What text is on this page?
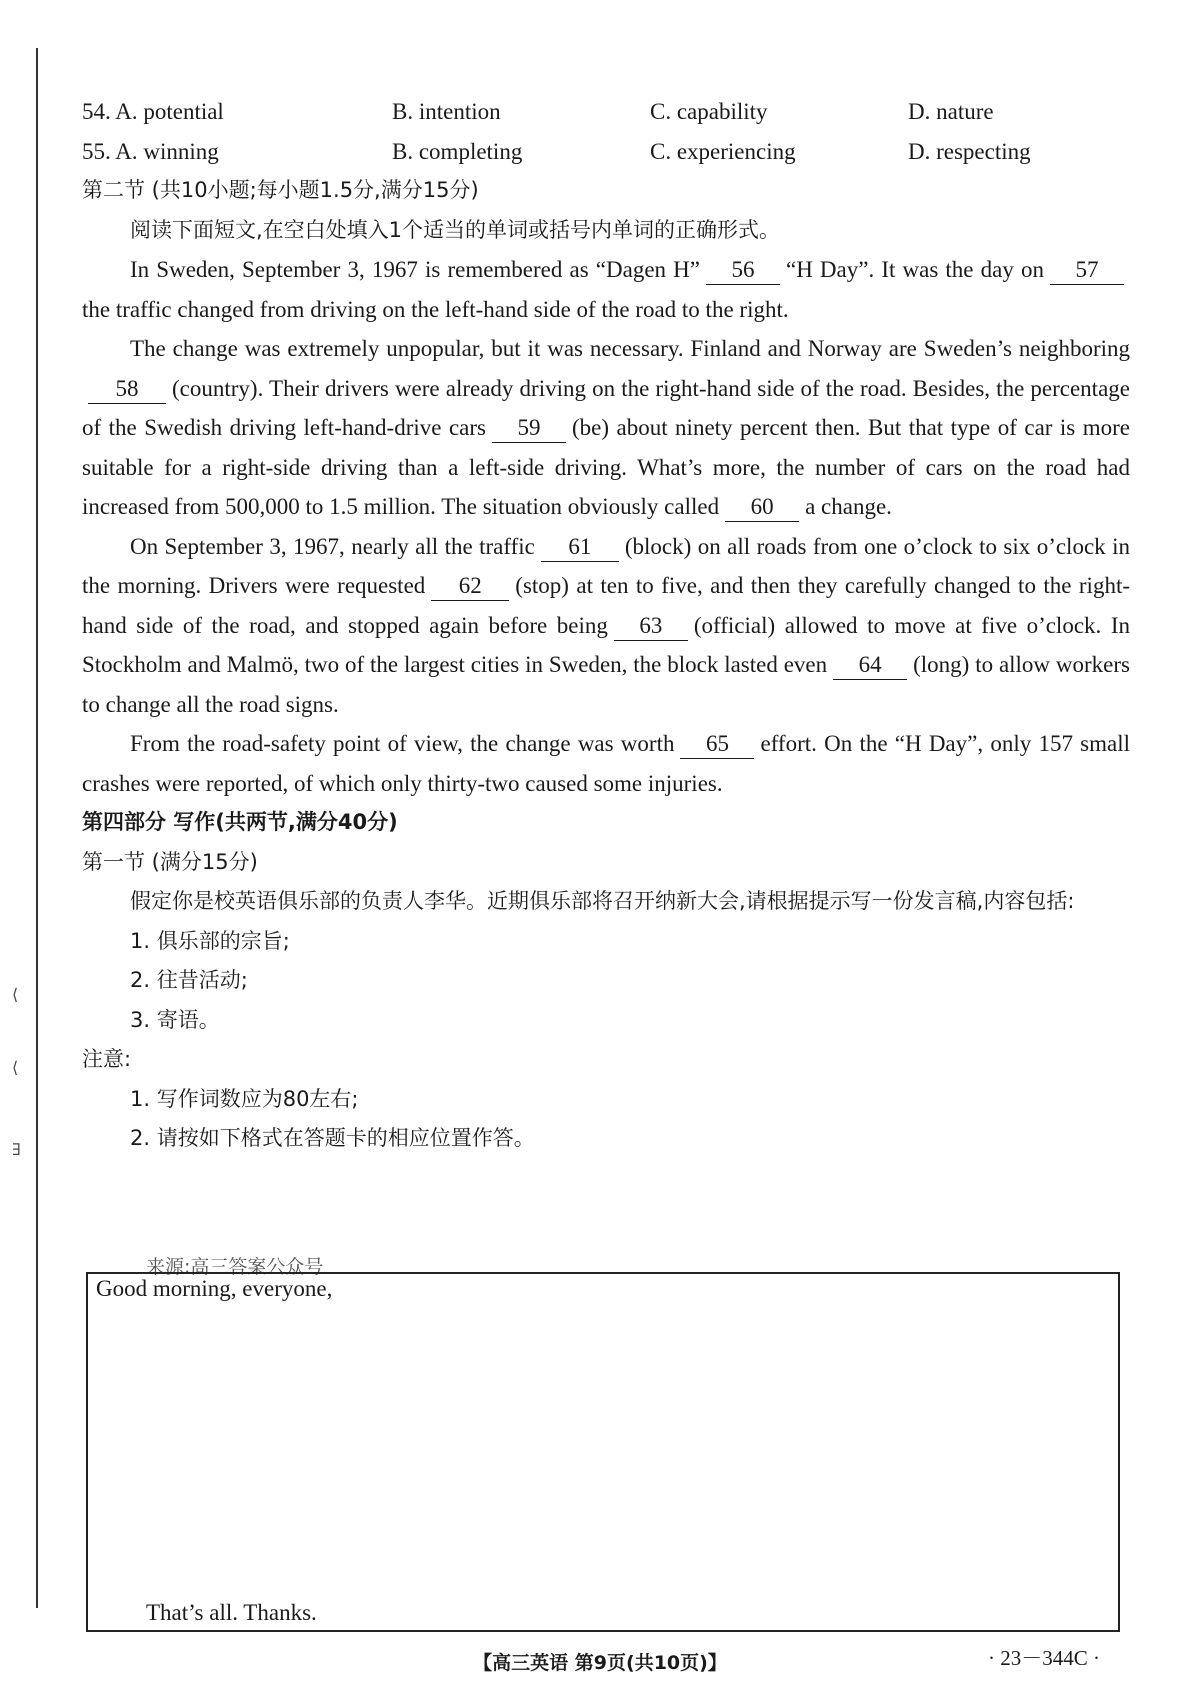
⟨
⟨
∃
54. A. potential	B. intention	C. capability	D. nature
55. A. winning	B. completing	C. experiencing	D. respecting
第二节 (共10小题;每小题1.5分,满分15分)
阅读下面短文,在空白处填入1个适当的单词或括号内单词的正确形式。

In Sweden, September 3, 1967 is remembered as “Dagen H” 56 “H Day”. It was the day on 57the traffic changed from driving on the left-hand side of the road to the right.

The change was extremely unpopular, but it was necessary. Finland and Norway are Sweden’s neighboring58 (country). Their drivers were already driving on the right-hand side of the road. Besides, the percentage of the Swedish driving left-hand-drive cars 59 (be) about ninety percent then. But that type of car is more suitable for a right-side driving than a left-side driving. What’s more, the number of cars on the road had increased from 500,000 to 1.5 million. The situation obviously called 60 a change.

On September 3, 1967, nearly all the traffic 61 (block) on all roads from one o’clock to six o’clock in the morning. Drivers were requested 62 (stop) at ten to five, and then they carefully changed to the right-hand side of the road, and stopped again before being 63 (official) allowed to move at five o’clock. In Stockholm and Malmö, two of the largest cities in Sweden, the block lasted even 64 (long) to allow workers to change all the road signs.

From the road-safety point of view, the change was worth 65 effort. On the “H Day”, only 157 small crashes were reported, of which only thirty-two caused some injuries.

第四部分 写作(共两节,满分40分)
第一节 (满分15分)
假定你是校英语俱乐部的负责人李华。近期俱乐部将召开纳新大会,请根据提示写一份发言稿,内容包括:
1. 俱乐部的宗旨;
2. 往昔活动;
3. 寄语。
注意:
1. 写作词数应为80左右;
2. 请按如下格式在答题卡的相应位置作答。
来源:高三答案公众号
Good morning, everyone,
That’s all. Thanks.
【高三英语 第9页(共10页)】	· 23－344C ·
